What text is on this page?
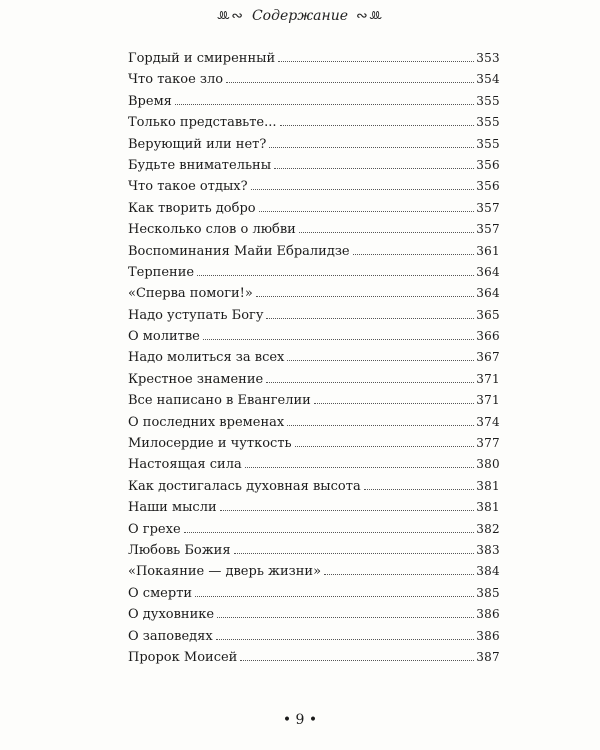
ꔛ∾ Содержание ∾ꔛ
Гордый и смиренный	353
Что такое зло	354
Время	355
Только представьте...	355
Верующий или нет?	355
Будьте внимательны	356
Что такое отдых?	356
Как творить добро	357
Несколько слов о любви	357
Воспоминания Майи Ебралидзе	361
Терпение	364
«Сперва помоги!»	364
Надо уступать Богу	365
О молитве	366
Надо молиться за всех	367
Крестное знамение	371
Все написано в Евангелии	371
О последних временах	374
Милосердие и чуткость	377
Настоящая сила	380
Как достигалась духовная высота	381
Наши мысли	381
О грехе	382
Любовь Божия	383
«Покаяние — дверь жизни»	384
О смерти	385
О духовнике	386
О заповедях	386
Пророк Моисей	387
• 9 •
